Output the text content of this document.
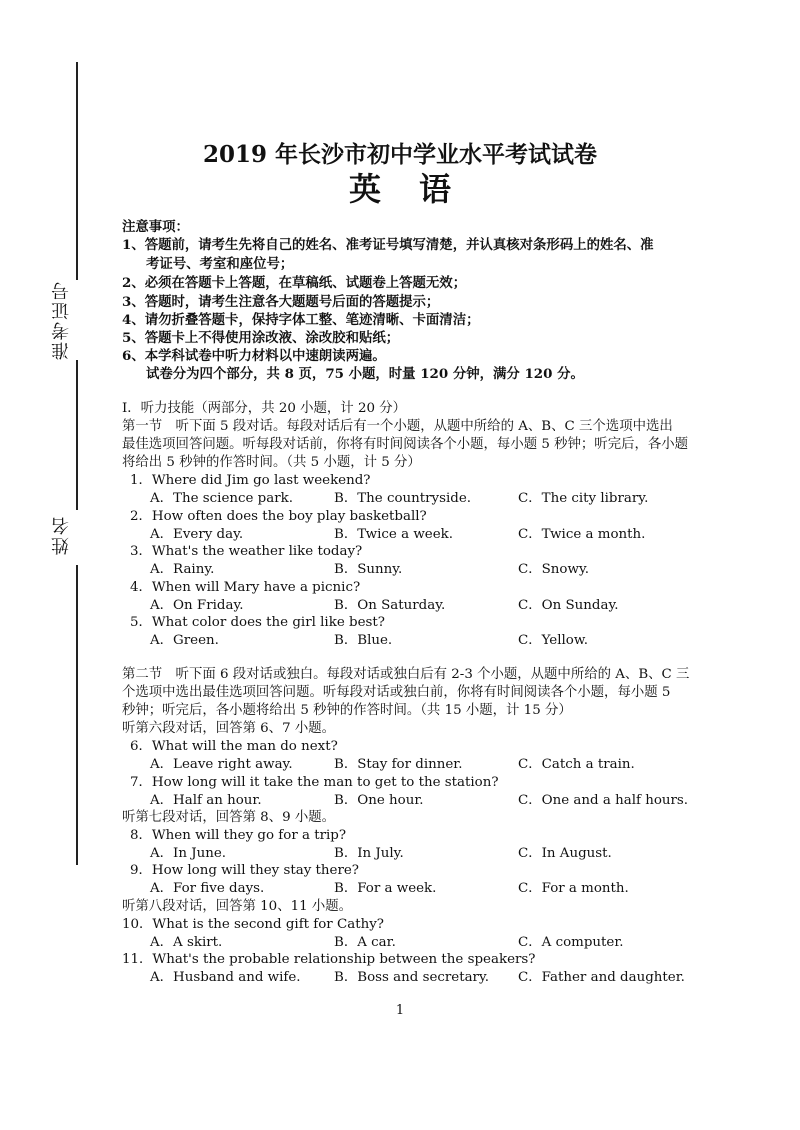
准考证号
姓名
2019 年长沙市初中学业水平考试试卷
英语
注意事项：
1、答题前，请考生先将自己的姓名、准考证号填写清楚，并认真核对条形码上的姓名、准
考证号、考室和座位号；
2、必须在答题卡上答题，在草稿纸、试题卷上答题无效；
3、答题时，请考生注意各大题题号后面的答题提示；
4、请勿折叠答题卡，保持字体工整、笔迹清晰、卡面清洁；
5、答题卡上不得使用涂改液、涂改胶和贴纸；
6、本学科试卷中听力材料以中速朗读两遍。
试卷分为四个部分，共 8 页，75 小题，时量 120 分钟，满分 120 分。
I．听力技能（两部分，共 20 小题，计 20 分）
第一节　听下面 5 段对话。每段对话后有一个小题，从题中所给的 A、B、C 三个选项中选出
最佳选项回答问题。听每段对话前，你将有时间阅读各个小题，每小题 5 秒钟；听完后，各小题
将给出 5 秒钟的作答时间。（共 5 小题，计 5 分）
1．Where did Jim go last weekend?
A．The science park.	B．The countryside.	C．The city library.
2．How often does the boy play basketball?
A．Every day.	B．Twice a week.	C．Twice a month.
3．What's the weather like today?
A．Rainy.	B．Sunny.	C．Snowy.
4．When will Mary have a picnic?
A．On Friday.	B．On Saturday.	C．On Sunday.
5．What color does the girl like best?
A．Green.	B．Blue.	C．Yellow.
第二节　听下面 6 段对话或独白。每段对话或独白后有 2-3 个小题，从题中所给的 A、B、C 三
个选项中选出最佳选项回答问题。听每段对话或独白前，你将有时间阅读各个小题，每小题 5
秒钟；听完后，各小题将给出 5 秒钟的作答时间。（共 15 小题，计 15 分）
听第六段对话，回答第 6、7 小题。
6．What will the man do next?
A．Leave right away.	B．Stay for dinner.	C．Catch a train.
7．How long will it take the man to get to the station?
A．Half an hour.	B．One hour.	C．One and a half hours.
听第七段对话，回答第 8、9 小题。
8．When will they go for a trip?
A．In June.	B．In July.	C．In August.
9．How long will they stay there?
A．For five days.	B．For a week.	C．For a month.
听第八段对话，回答第 10、11 小题。
10．What is the second gift for Cathy?
A．A skirt.	B．A car.	C．A computer.
11．What's the probable relationship between the speakers?
A．Husband and wife. B．Boss and secretary. C．Father and daughter.
1
